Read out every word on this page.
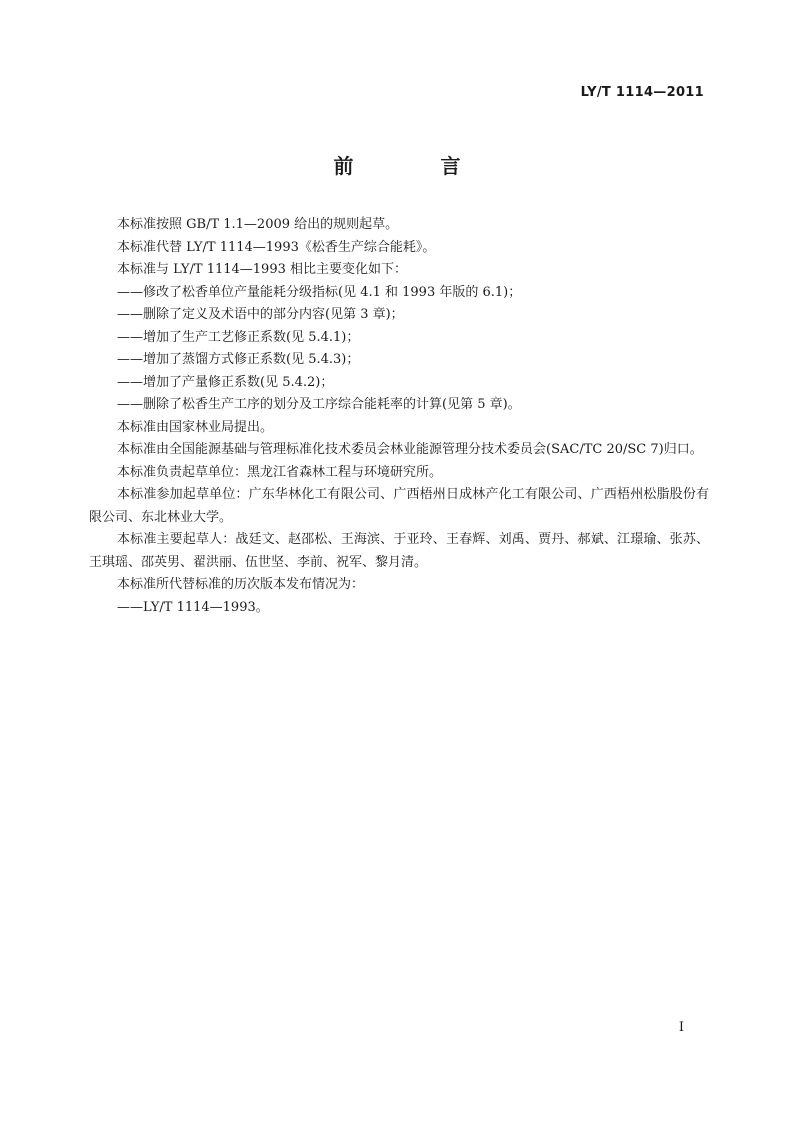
LY/T 1114—2011
前 言

本标准按照 GB/T 1.1—2009 给出的规则起草。

本标准代替 LY/T 1114—1993《松香生产综合能耗》。

本标准与 LY/T 1114—1993 相比主要变化如下：

——修改了松香单位产量能耗分级指标(见 4.1 和 1993 年版的 6.1)；

——删除了定义及术语中的部分内容(见第 3 章)；

——增加了生产工艺修正系数(见 5.4.1)；

——增加了蒸馏方式修正系数(见 5.4.3)；

——增加了产量修正系数(见 5.4.2)；

——删除了松香生产工序的划分及工序综合能耗率的计算(见第 5 章)。

本标准由国家林业局提出。

本标准由全国能源基础与管理标准化技术委员会林业能源管理分技术委员会(SAC/TC 20/SC 7)归口。

本标准负责起草单位：黑龙江省森林工程与环境研究所。

本标准参加起草单位：广东华林化工有限公司、广西梧州日成林产化工有限公司、广西梧州松脂股份有限公司、东北林业大学。

本标准主要起草人：战廷文、赵邵松、王海滨、于亚玲、王春辉、刘禹、贾丹、郝斌、江璟瑜、张苏、王琪瑶、邵英男、翟洪丽、伍世坚、李前、祝军、黎月清。

本标准所代替标准的历次版本发布情况为：

——LY/T 1114—1993。

I
